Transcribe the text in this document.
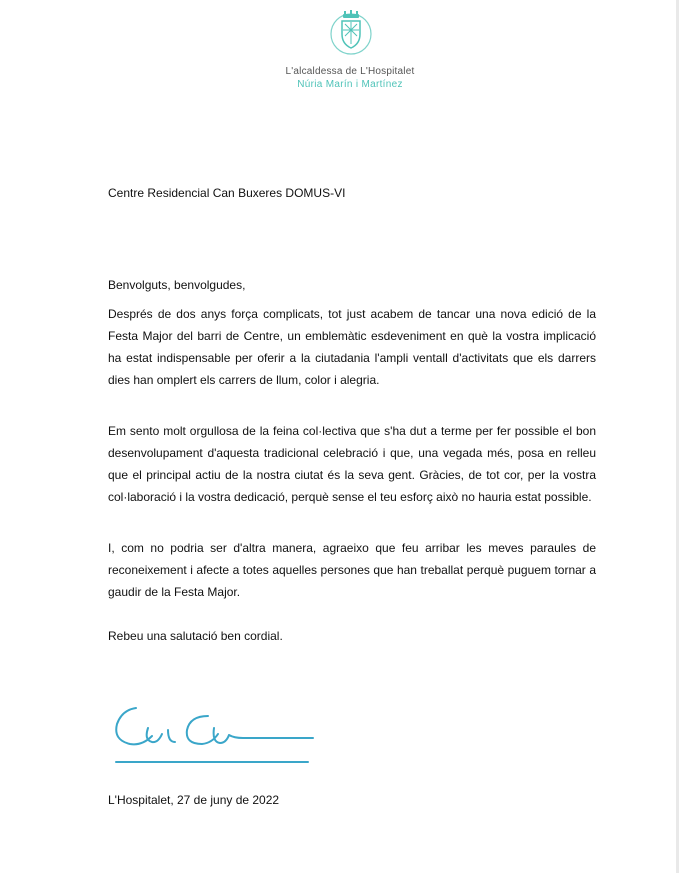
L'alcaldessa de L'Hospitalet
Núria Marín i Martínez
Centre Residencial Can Buxeres DOMUS-VI
Benvolguts, benvolgudes,
Després de dos anys força complicats, tot just acabem de tancar una nova edició de la Festa Major del barri de Centre, un emblemàtic esdeveniment en què la vostra implicació ha estat indispensable per oferir a la ciutadania l'ampli ventall d'activitats que els darrers dies han omplert els carrers de llum, color i alegria.
Em sento molt orgullosa de la feina col·lectiva que s'ha dut a terme per fer possible el bon desenvolupament d'aquesta tradicional celebració i que, una vegada més, posa en relleu que el principal actiu de la nostra ciutat és la seva gent. Gràcies, de tot cor, per la vostra col·laboració i la vostra dedicació, perquè sense el teu esforç això no hauria estat possible.
I, com no podria ser d'altra manera, agraeixo que feu arribar les meves paraules de reconeixement i afecte a totes aquelles persones que han treballat perquè puguem tornar a gaudir de la Festa Major.
Rebeu una salutació ben cordial.
L'Hospitalet, 27 de juny de 2022
